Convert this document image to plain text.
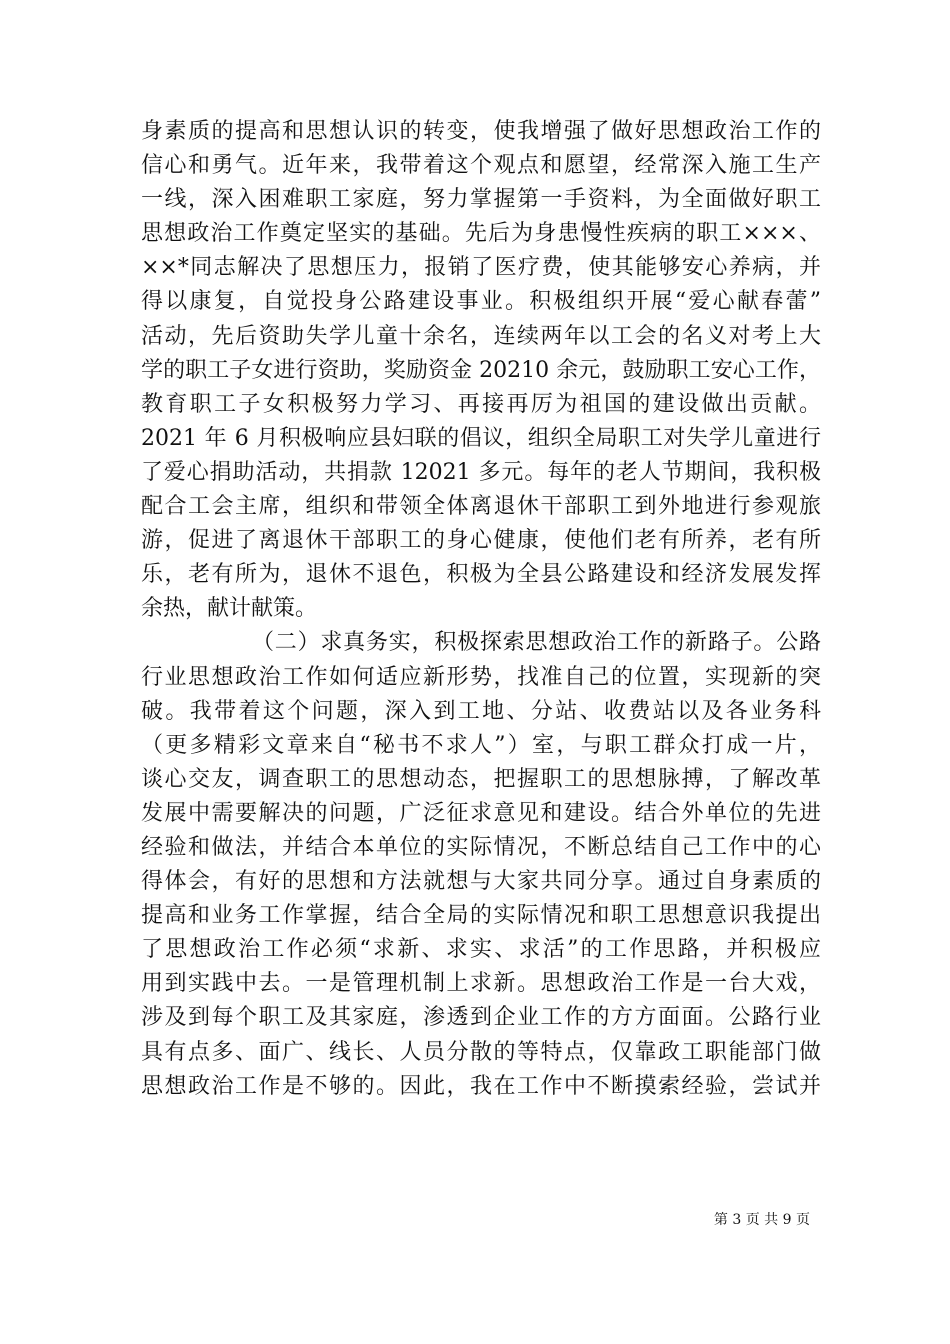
身素质的提高和思想认识的转变，使我增强了做好思想政治工作的
信心和勇气。近年来，我带着这个观点和愿望，经常深入施工生产
一线，深入困难职工家庭，努力掌握第一手资料，为全面做好职工
思想政治工作奠定坚实的基础。先后为身患慢性疾病的职工×××、
××*同志解决了思想压力，报销了医疗费，使其能够安心养病，并
得以康复，自觉投身公路建设事业。积极组织开展“爱心献春蕾”
活动，先后资助失学儿童十余名，连续两年以工会的名义对考上大
学的职工子女进行资助，奖励资金 20210 余元，鼓励职工安心工作，
教育职工子女积极努力学习、再接再厉为祖国的建设做出贡献。
2021 年 6 月积极响应县妇联的倡议，组织全局职工对失学儿童进行
了爱心捐助活动，共捐款 12021 多元。每年的老人节期间，我积极
配合工会主席，组织和带领全体离退休干部职工到外地进行参观旅
游，促进了离退休干部职工的身心健康，使他们老有所养，老有所
乐，老有所为，退休不退色，积极为全县公路建设和经济发展发挥
余热，献计献策。
（二）求真务实，积极探索思想政治工作的新路子。公路
行业思想政治工作如何适应新形势，找准自己的位置，实现新的突
破。我带着这个问题，深入到工地、分站、收费站以及各业务科
（更多精彩文章来自“秘书不求人”）室，与职工群众打成一片，
谈心交友，调查职工的思想动态，把握职工的思想脉搏，了解改革
发展中需要解决的问题，广泛征求意见和建设。结合外单位的先进
经验和做法，并结合本单位的实际情况，不断总结自己工作中的心
得体会，有好的思想和方法就想与大家共同分享。通过自身素质的
提高和业务工作掌握，结合全局的实际情况和职工思想意识我提出
了思想政治工作必须“求新、求实、求活”的工作思路，并积极应
用到实践中去。一是管理机制上求新。思想政治工作是一台大戏，
涉及到每个职工及其家庭，渗透到企业工作的方方面面。公路行业
具有点多、面广、线长、人员分散的等特点，仅靠政工职能部门做
思想政治工作是不够的。因此，我在工作中不断摸索经验，尝试并
第 3 页 共 9 页
